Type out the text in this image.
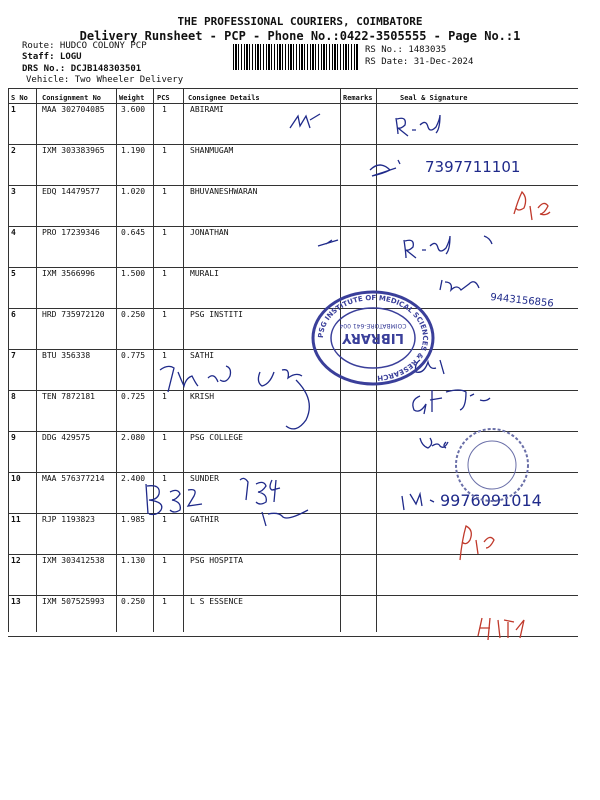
THE PROFESSIONAL COURIERS, COIMBATORE
Delivery Runsheet - PCP - Phone No.:0422-3505555 - Page No.:1
Route: HUDCO COLONY PCP
Staff: LOGU
DRS No.: DCJB148303501
Vehicle: Two Wheeler Delivery
RS No.: 1483035
RS Date: 31-Dec-2024
S No Consignment No	Weight PCS	Consignee Details	Remarks	Seal & Signature
1	MAA 302704085 3.600 1	ABIRAMI
2	IXM 303383965 1.190 1	SHANMUGAM
3	EDQ 14479577	1.020 1	BHUVANESHWARAN
4	PRO 17239346	0.645 1	JONATHAN
5	IXM 3566996	1.500 1	MURALI
6	HRD 735972120 0.250 1	PSG INSTITI
7	BTU 356338	0.775 1	SATHI
8	TEN 7872181	0.725 1	KRISH
9	DDG 429575	2.080 1	PSG COLLEGE
10	MAA 576377214 2.400 1	SUNDER
11	RJP 1193823	1.985 1	GATHIR
12	IXM 303412538 1.130 1	PSG HOSPITA
13	IXM 507525993 0.250 1	L S ESSENCE
7397711101
9443156856
9976091014
PSG INSTITUTE OF MEDICAL SCIENCES & RESEARCH
COIMBATORE-641 004
LIBRARY
